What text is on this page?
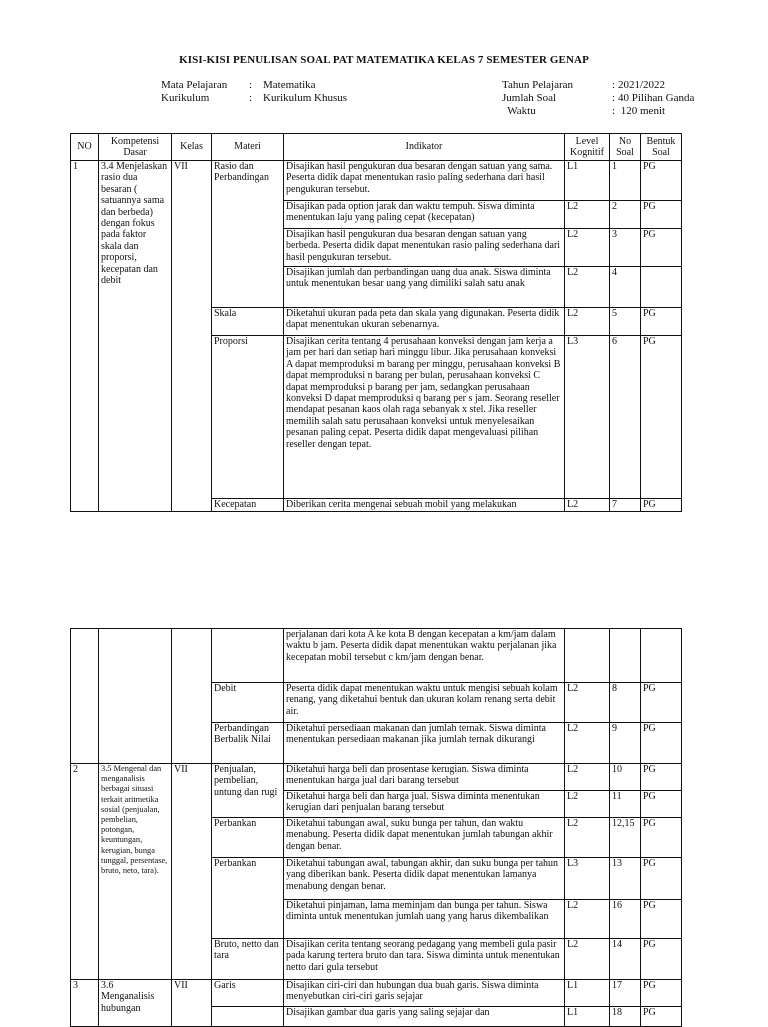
KISI-KISI PENULISAN SOAL PAT MATEMATIKA KELAS 7 SEMESTER GENAP
Mata Pelajaran	: Matematika
Kurikulum	: Kurikulum Khusus
Tahun Pelajaran	: 2021/2022
Jumlah Soal	: 40 Pilihan Ganda
Waktu	: 120 menit
NO	Kompetensi Dasar	Kelas	Materi	Indikator	Level Kognitif	No Soal	Bentuk Soal
1	3.4 Menjelaskan rasio dua besaran ( satuannya sama dan berbeda) dengan fokus pada faktor skala dan proporsi, kecepatan dan debit	VII	Rasio dan Perbandingan	Disajikan hasil pengukuran dua besaran dengan satuan yang sama. Peserta didik dapat menentukan rasio paling sederhana dari hasil pengukuran tersebut.	L1	1	PG
				Disajikan pada option jarak dan waktu tempuh. Siswa diminta menentukan laju yang paling cepat (kecepatan)	L2	2	PG
				Disajikan hasil pengukuran dua besaran dengan satuan yang berbeda. Peserta didik dapat menentukan rasio paling sederhana dari hasil pengukuran tersebut.	L2	3	PG
				Disajikan jumlah dan perbandingan uang dua anak. Siswa diminta untuk menentukan besar uang yang dimiliki salah satu anak	L2	4	
			Skala	Diketahui ukuran pada peta dan skala yang digunakan. Peserta didik dapat menentukan ukuran sebenarnya.	L2	5	PG
			Proporsi	Disajikan cerita tentang 4 perusahaan konveksi dengan jam kerja a jam per hari dan setiap hari minggu libur. Jika perusahaan konveksi A dapat memproduksi m barang per minggu, perusahaan konveksi B dapat memproduksi n barang per bulan, perusahaan konveksi C dapat memproduksi p barang per jam, sedangkan perusahaan konveksi D dapat memproduksi q barang per s jam. Seorang reseller mendapat pesanan kaos olah raga sebanyak x stel. Jika reseller memilih salah satu perusahaan konveksi untuk menyelesaikan pesanan paling cepat. Peserta didik dapat mengevaluasi pilihan reseller dengan tepat.	L3	6	PG
			Kecepatan	Diberikan cerita mengenai sebuah mobil yang melakukan	L2	7	PG
				perjalanan dari kota A ke kota B dengan kecepatan a km/jam dalam waktu b jam. Peserta didik dapat menentukan waktu perjalanan jika kecepatan mobil tersebut c km/jam dengan benar.			
			Debit	Peserta didik dapat menentukan waktu untuk mengisi sebuah kolam renang, yang diketahui bentuk dan ukuran kolam renang serta debit air.	L2	8	PG
			Perbandingan Berbalik Nilai	Diketahui persediaan makanan dan jumlah ternak. Siswa diminta menentukan persediaan makanan jika jumlah ternak dikurangi	L2	9	PG
2	3.5 Mengenal dan menganalisis berbagai situasi terkait aritmetika sosial (penjualan, pembelian, potongan, keuntungan, kerugian, bunga tunggal, persentase, bruto, neto, tara).	VII	Penjualan, pembelian, untung dan rugi	Diketahui harga beli dan prosentase kerugian. Siswa diminta menentukan harga jual dari barang tersebut	L2	10	PG
				Diketahui harga beli dan harga jual. Siswa diminta menentukan kerugian dari penjualan barang tersebut	L2	11	PG
			Perbankan	Diketahui tabungan awal, suku bunga per tahun, dan waktu menabung. Peserta didik dapat menentukan jumlah tabungan akhir dengan benar.	L2	12,15	PG
			Perbankan	Diketahui tabungan awal, tabungan akhir, dan suku bunga per tahun yang diberikan bank. Peserta didik dapat menentukan lamanya menabung dengan benar.	L3	13	PG
				Diketahui pinjaman, lama meminjam dan bunga per tahun. Siswa diminta untuk menentukan jumlah uang yang harus dikembalikan	L2	16	PG
			Bruto, netto dan tara	Disajikan cerita tentang seorang pedagang yang membeli gula pasir pada karung tertera bruto dan tara. Siswa diminta untuk menentukan netto dari gula tersebut	L2	14	PG
3	3.6 Menganalisis hubungan	VII	Garis	Disajikan ciri-ciri dan hubungan dua buah garis. Siswa diminta menyebutkan ciri-ciri garis sejajar	L1	17	PG
				Disajikan gambar dua garis yang saling sejajar dan	L1	18	PG
